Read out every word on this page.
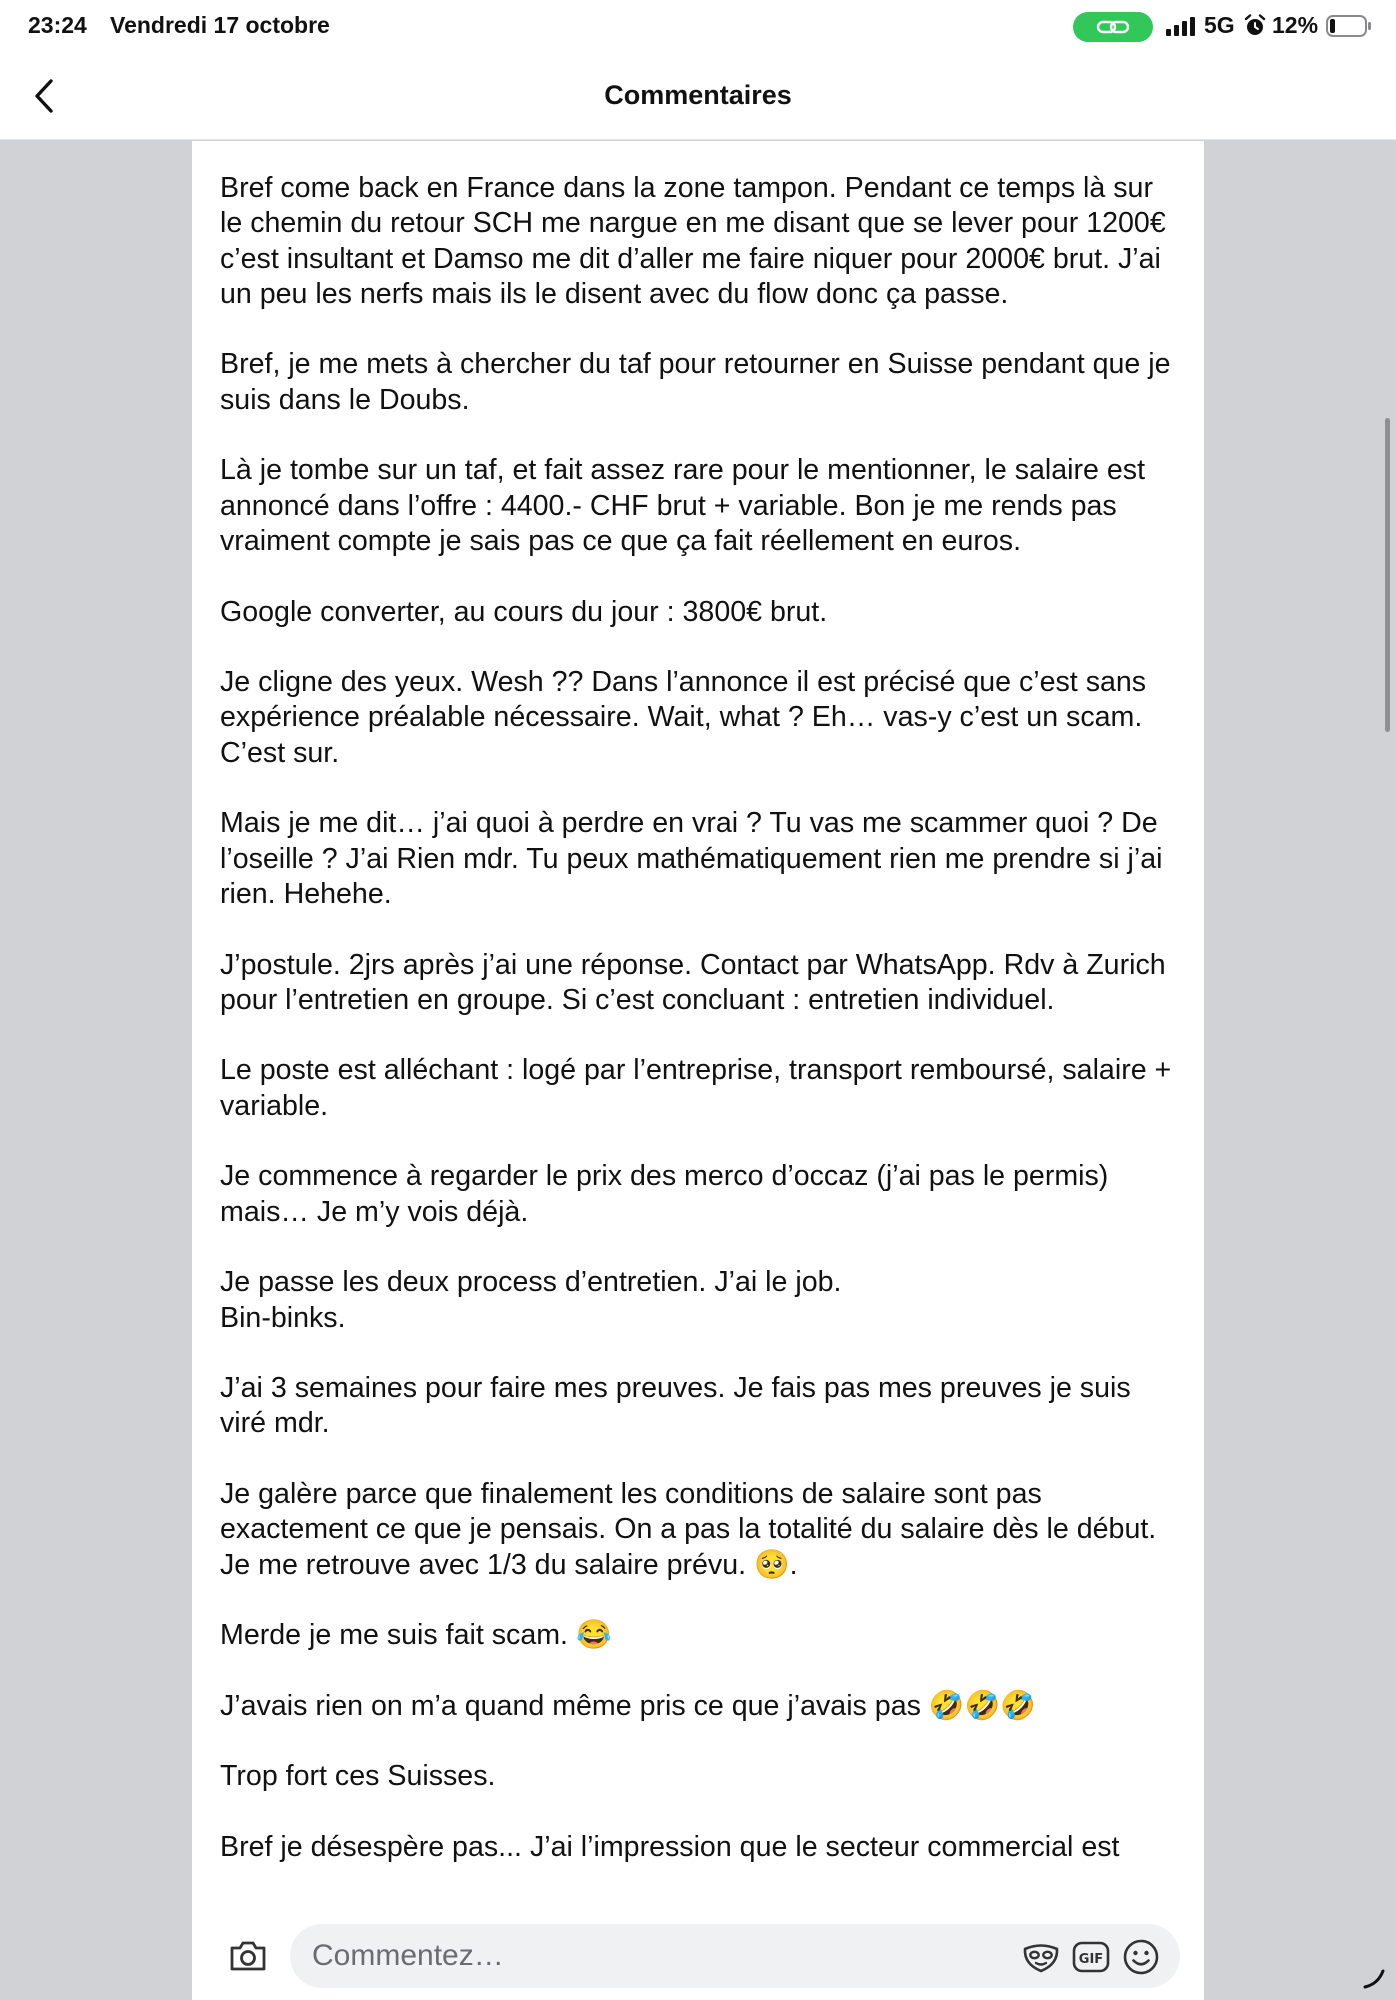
23:24 Vendredi 17 octobre	5G 12%
Commentaires

Bref come back en France dans la zone tampon. Pendant ce temps là sur le chemin du retour SCH me nargue en me disant que se lever pour 1200€ c’est insultant et Damso me dit d’aller me faire niquer pour 2000€ brut. J’ai un peu les nerfs mais ils le disent avec du flow donc ça passe.

Bref, je me mets à chercher du taf pour retourner en Suisse pendant que je suis dans le Doubs.

Là je tombe sur un taf, et fait assez rare pour le mentionner, le salaire est annoncé dans l’offre : 4400.- CHF brut + variable. Bon je me rends pas vraiment compte je sais pas ce que ça fait réellement en euros.

Google converter, au cours du jour : 3800€ brut.

Je cligne des yeux. Wesh ?? Dans l’annonce il est précisé que c’est sans expérience préalable nécessaire. Wait, what ? Eh… vas-y c’est un scam. C’est sur.

Mais je me dit… j’ai quoi à perdre en vrai ? Tu vas me scammer quoi ? De l’oseille ? J’ai Rien mdr. Tu peux mathématiquement rien me prendre si j’ai rien. Hehehe.

J’postule. 2jrs après j’ai une réponse. Contact par WhatsApp. Rdv à Zurich pour l’entretien en groupe. Si c’est concluant : entretien individuel.

Le poste est alléchant : logé par l’entreprise, transport remboursé, salaire + variable.

Je commence à regarder le prix des merco d’occaz (j’ai pas le permis) mais… Je m’y vois déjà.

Je passe les deux process d’entretien. J’ai le job.

Bin-binks.

J’ai 3 semaines pour faire mes preuves. Je fais pas mes preuves je suis viré mdr.

Je galère parce que finalement les conditions de salaire sont pas exactement ce que je pensais. On a pas la totalité du salaire dès le début. Je me retrouve avec 1/3 du salaire prévu. 🥺.

Merde je me suis fait scam. 😂

J’avais rien on m’a quand même pris ce que j’avais pas 🤣🤣🤣

Trop fort ces Suisses.

Bref je désespère pas... J’ai l’impression que le secteur commercial est

Commentez…
GIF
